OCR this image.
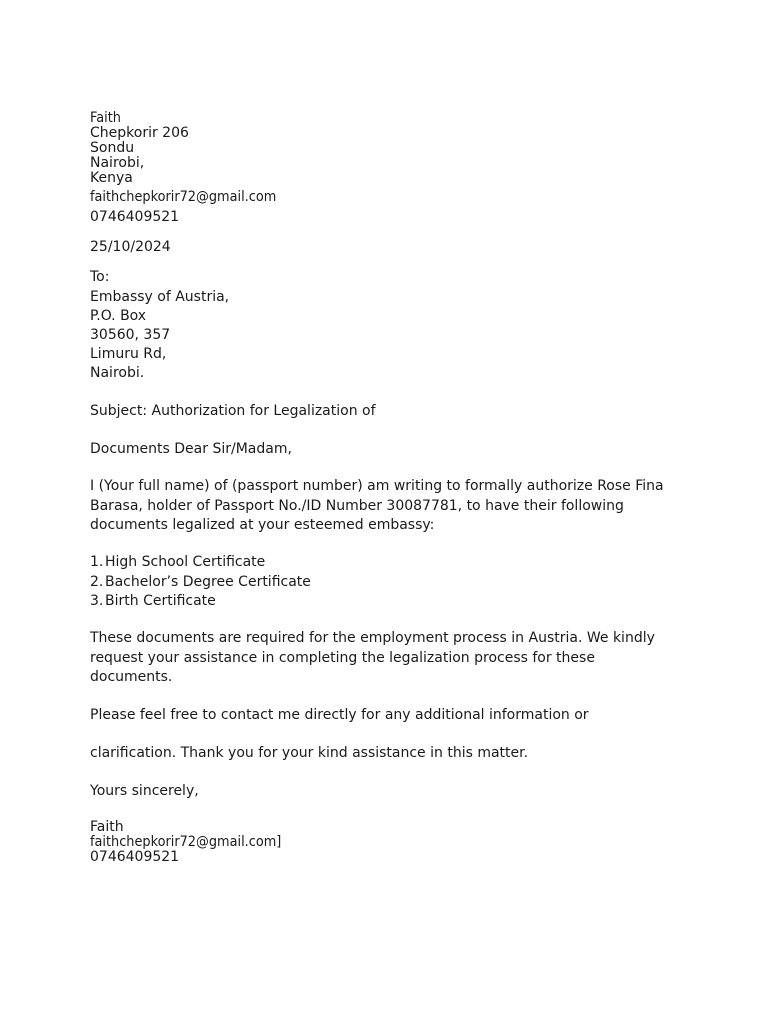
Faith
Chepkorir 206
Sondu
Nairobi,
Kenya
faithchepkorir72@gmail.com
0746409521
25/10/2024
To:
Embassy of Austria,
P.O. Box
30560, 357
Limuru Rd,
Nairobi.
Subject: Authorization for Legalization of
Documents Dear Sir/Madam,
I (Your full name) of (passport number) am writing to formally authorize Rose Fina Barasa, holder of Passport No./ID Number 30087781, to have their following documents legalized at your esteemed embassy:
1. High School Certificate
2. Bachelor’s Degree Certificate
3. Birth Certificate
These documents are required for the employment process in Austria. We kindly request your assistance in completing the legalization process for these documents.
Please feel free to contact me directly for any additional information or
clarification. Thank you for your kind assistance in this matter.
Yours sincerely,
Faith
faithchepkorir72@gmail.com]
0746409521
